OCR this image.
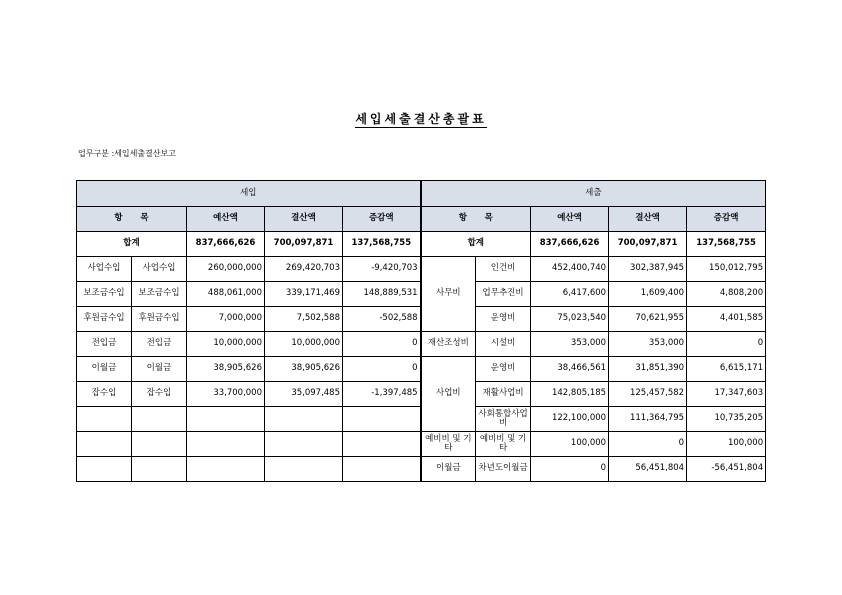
세입세출결산총괄표
업무구분 :세입세출결산보고
세입					세출				
항      목		예산액	결산액	증감액	항      목		예산액	결산액	증감액
합계		837,666,626	700,097,871	137,568,755	합계		837,666,626	700,097,871	137,568,755
사업수입	사업수입	260,000,000	269,420,703	-9,420,703	사무비	인건비	452,400,740	302,387,945	150,012,795
보조금수입	보조금수입	488,061,000	339,171,469	148,889,531		업무추진비	6,417,600	1,609,400	4,808,200
후원금수입	후원금수입	7,000,000	7,502,588	-502,588		운영비	75,023,540	70,621,955	4,401,585
전입금	전입금	10,000,000	10,000,000	0	재산조성비	시설비	353,000	353,000	0
이월금	이월금	38,905,626	38,905,626	0	사업비	운영비	38,466,561	31,851,390	6,615,171
잡수입	잡수입	33,700,000	35,097,485	-1,397,485		재활사업비	142,805,185	125,457,582	17,347,603
						사회통합사업비	122,100,000	111,364,795	10,735,205
					예비비 및 기타	예비비 및 기타	100,000	0	100,000
					이월금	차년도이월금	0	56,451,804	-56,451,804
